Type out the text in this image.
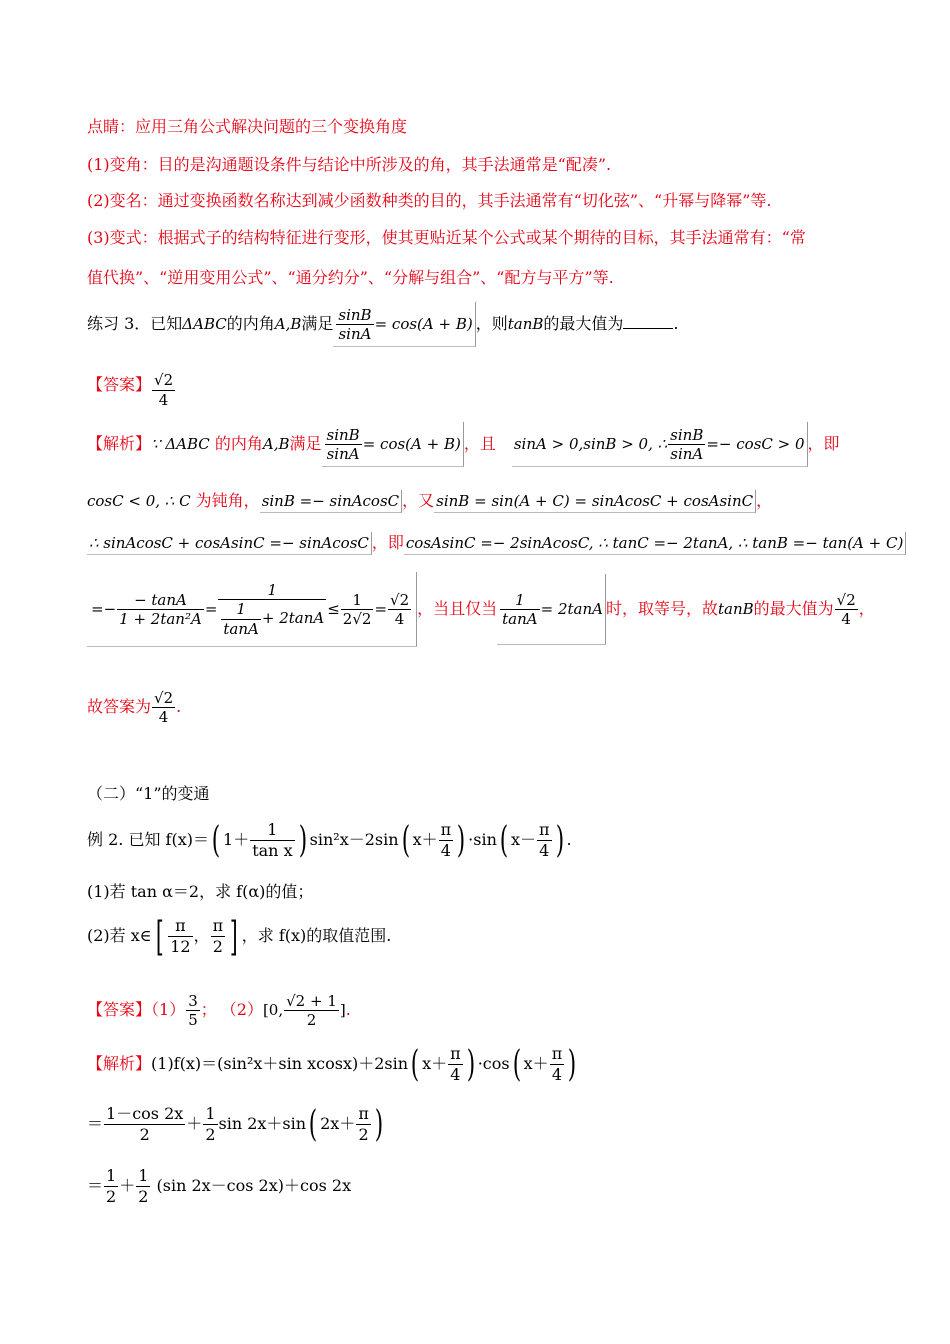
点睛：应用三角公式解决问题的三个变换角度
(1)变角：目的是沟通题设条件与结论中所涉及的角，其手法通常是“配凑”.
(2)变名：通过变换函数名称达到减少函数种类的目的，其手法通常有“切化弦”、“升幂与降幂”等.
(3)变式：根据式子的结构特征进行变形，使其更贴近某个公式或某个期待的目标，其手法通常有：“常
值代换”、“逆用变用公式”、“通分约分”、“分解与组合”、“配方与平方”等.
练习 3．已知ΔABC的内角A,B满足 $\frac{\sin B}{\sin A} = \cos(A + B)$ ，则tanB的最大值为	.
【答案】 $\frac{√2}{4}$
【解析】∵ ΔABC 的内角A,B满足 $\frac{\sin B}{\sin A} = \cos(A + B)$ ，且 sinA > 0,sinB > 0, ∴ $\frac{\sin B}{\sin A} =- \cos C > 0$ ，即
cosC < 0, ∴ C 为钝角， sinB =− sinAcosC ，又 sinB = sin(A + C) = sinAcosC + cosAsinC ，
∴ sinAcosC + cosAsinC =− sinAcosC ，即 cosAsinC =− 2sinAcosC, ∴ tanC =− 2tanA, ∴ tanB =− tan(A + C)
=− $\frac{- \tan A}{\text{1 + 2tan²A}} = \frac{1}{\frac{1}{\tan A} + 2\tan A} \le \frac{1}{2√2} = \frac{√2}{4}$ ，当且仅当 $\frac{1}{\tan A} = 2\tan A$ 时，取等号，故tanB的最大值为 $\frac{√2}{4}$ ，
故答案为 $\frac{√2}{4}$ .
（二）“1”的变通
例 2. 已知 f(x)＝( $1+ \frac{1}{\text{tan x}}$ ) sin²x－2sin( $x+ \frac{\pi}{4}$ ) ·sin( $x- \frac{\pi}{4}$ ) .
(1)若 tan α＝2，求 f(α)的值；
(2)若 x∈[ $\frac{\pi}{12}$ ， $\frac{\pi}{2}$ ] ，求 f(x)的取值范围.
【答案】$(1) \frac{3}{5}$ ； （2）[0, $\frac{√2 + 1}{2}$ ].
【解析】(1)f(x)＝(sin²x＋sin xcosx)＋2sin( $x+ \frac{\pi}{4}$ ) ·cos( $x+ \frac{\pi}{4}$ )
＝ $\frac{1-\cos 2x}{2} + \frac{1}{2}$ sin 2x＋sin( $2x+ \frac{\pi}{2}$ )
＝ $\frac{1}{2} + \frac{1}{2} (\sin$ 2x－cos 2x)＋cos 2x
